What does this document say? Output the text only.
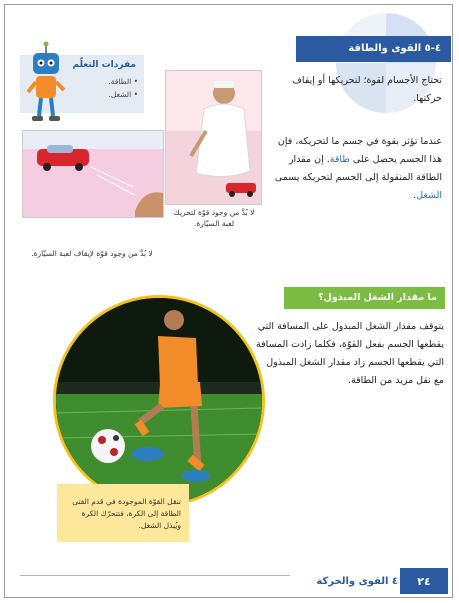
٤-٥ القوى والطاقة
تحتاج الأجسام لقوة؛ لتحريكها أو إيقاف حركتها.
عندما تؤثر بقوة في جسم ما لتحريكه، فإن هذا الجسم يحصل على طاقة. إن مقدار الطاقة المنقولة إلى الجسم لتحريكه يسمى الشغل.
لا بُدَّ من وجود قوّة لتحريك لعبة السيّارة.
لا بُدَّ من وجود قوّة لإيقاف لعبة السيّارة.
مفردات التعلّم
• الطاقة.
• الشغل.
ما مقدار الشغل المبذول؟
يتوقف مقدار الشغل المبذول على المسافة التي يقطعها الجسم بفعل القوّة، فكلما زادت المسافة التي يقطعها الجسم زاد مقدار الشغل المبذول مع نقل مزيد من الطاقة.
تنقل القوّة الموجودة في قدم الفتى الطاقة إلى الكرة، فتتحرّك الكرة ويُبذل الشغل.
٤ القوى والحركة	٢٤
